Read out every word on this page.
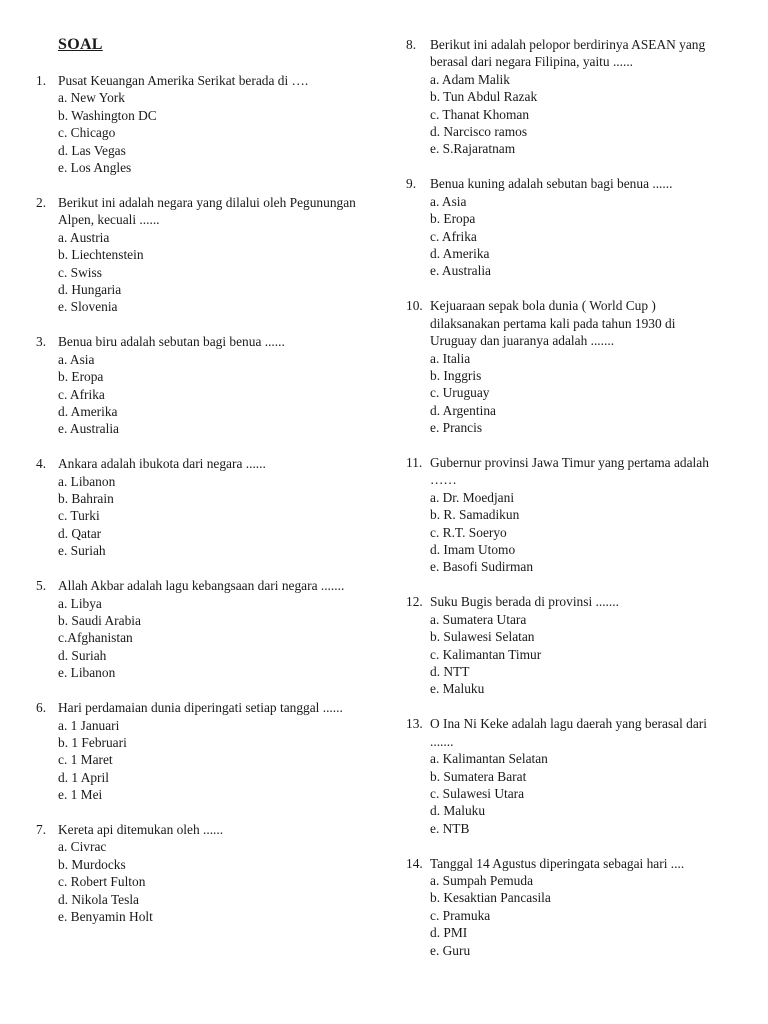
SOAL
1. Pusat Keuangan Amerika Serikat berada di ….
a. New York
b. Washington DC
c. Chicago
d. Las Vegas
e. Los Angles
2. Berikut ini adalah negara yang dilalui oleh Pegunungan Alpen, kecuali ......
a. Austria
b. Liechtenstein
c. Swiss
d. Hungaria
e. Slovenia
3. Benua biru adalah sebutan bagi benua ......
a. Asia
b. Eropa
c. Afrika
d. Amerika
e. Australia
4. Ankara adalah ibukota dari negara ......
a. Libanon
b. Bahrain
c. Turki
d. Qatar
e. Suriah
5. Allah Akbar adalah lagu kebangsaan dari negara .......
a. Libya
b. Saudi Arabia
c.Afghanistan
d. Suriah
e. Libanon
6. Hari perdamaian dunia diperingati setiap tanggal ......
a. 1 Januari
b. 1 Februari
c. 1 Maret
d. 1 April
e. 1 Mei
7. Kereta api ditemukan oleh ......
a. Civrac
b. Murdocks
c. Robert Fulton
d. Nikola Tesla
e. Benyamin Holt
8. Berikut ini adalah pelopor berdirinya ASEAN yang berasal dari negara Filipina, yaitu ......
a. Adam Malik
b. Tun Abdul Razak
c. Thanat Khoman
d. Narcisco ramos
e. S.Rajaratnam
9. Benua kuning adalah sebutan bagi benua ......
a. Asia
b. Eropa
c. Afrika
d. Amerika
e. Australia
10. Kejuaraan sepak bola dunia ( World Cup ) dilaksanakan pertama kali pada tahun 1930 di Uruguay dan juaranya adalah .......
a. Italia
b. Inggris
c. Uruguay
d. Argentina
e. Prancis
11. Gubernur provinsi Jawa Timur yang pertama adalah ……
a. Dr. Moedjani
b. R. Samadikun
c. R.T. Soeryo
d. Imam Utomo
e. Basofi Sudirman
12. Suku Bugis berada di provinsi .......
a. Sumatera Utara
b. Sulawesi Selatan
c. Kalimantan Timur
d. NTT
e. Maluku
13. O Ina Ni Keke adalah lagu daerah yang berasal dari .......
a. Kalimantan Selatan
b. Sumatera Barat
c. Sulawesi Utara
d. Maluku
e. NTB
14. Tanggal 14 Agustus diperingata sebagai hari ....
a. Sumpah Pemuda
b. Kesaktian Pancasila
c. Pramuka
d. PMI
e. Guru
